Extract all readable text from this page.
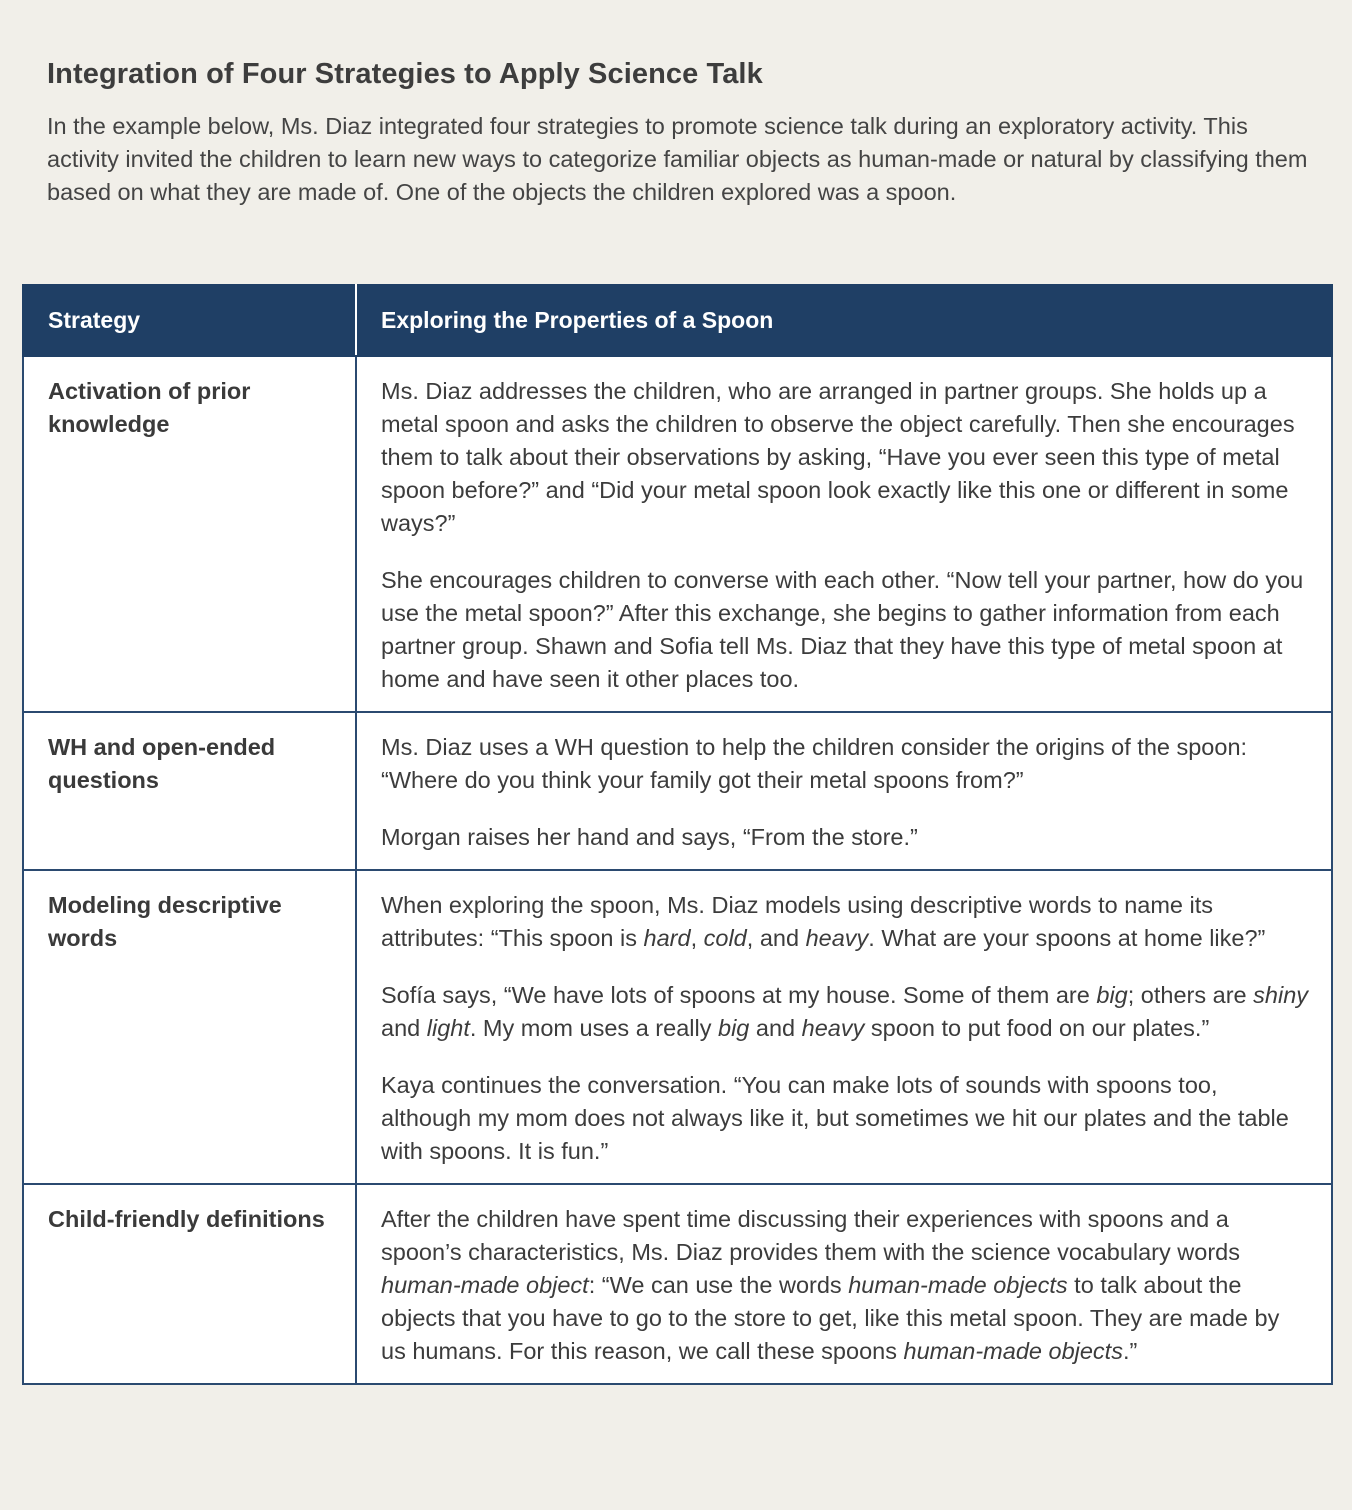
Integration of Four Strategies to Apply Science Talk

In the example below, Ms. Diaz integrated four strategies to promote science talk during an exploratory activity. This activity invited the children to learn new ways to categorize familiar objects as human-made or natural by classifying them based on what they are made of. One of the objects the children explored was a spoon.

Strategy	Exploring the Properties of a Spoon
Activation of prior knowledge	Ms. Diaz addresses the children, who are arranged in partner groups. She holds up a metal spoon and asks the children to observe the object carefully. Then she encourages them to talk about their observations by asking, “Have you ever seen this type of metal spoon before?” and “Did your metal spoon look exactly like this one or different in some ways?”

She encourages children to converse with each other. “Now tell your partner, how do you use the metal spoon?” After this exchange, she begins to gather information from each partner group. Shawn and Sofia tell Ms. Diaz that they have this type of metal spoon at home and have seen it other places too.

WH and open-ended questions	Ms. Diaz uses a WH question to help the children consider the origins of the spoon: “Where do you think your family got their metal spoons from?”

Morgan raises her hand and says, “From the store.”

Modeling descriptive words	When exploring the spoon, Ms. Diaz models using descriptive words to name its attributes: “This spoon is hard, cold, and heavy. What are your spoons at home like?”

Sofía says, “We have lots of spoons at my house. Some of them are big; others are shiny and light. My mom uses a really big and heavy spoon to put food on our plates.”

Kaya continues the conversation. “You can make lots of sounds with spoons too, although my mom does not always like it, but sometimes we hit our plates and the table with spoons. It is fun.”

Child-friendly definitions	After the children have spent time discussing their experiences with spoons and a spoon’s characteristics, Ms. Diaz provides them with the science vocabulary words human-made object: “We can use the words human-made objects to talk about the objects that you have to go to the store to get, like this metal spoon. They are made by us humans. For this reason, we call these spoons human-made objects.”
